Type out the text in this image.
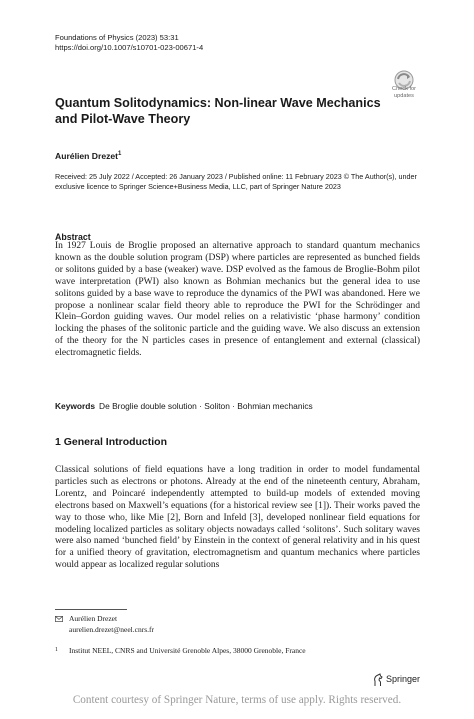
Foundations of Physics (2023) 53:31
https://doi.org/10.1007/s10701-023-00671-4
Check for
updates
Quantum Solitodynamics: Non-linear Wave Mechanics and Pilot-Wave Theory
Aurélien Drezet$^1$
Received: 25 July 2022 / Accepted: 26 January 2023 / Published online: 11 February 2023 © The Author(s), under exclusive licence to Springer Science+Business Media, LLC, part of Springer Nature 2023
Abstract
In 1927 Louis de Broglie proposed an alternative approach to standard quantum mechanics known as the double solution program (DSP) where particles are represented as bunched fields or solitons guided by a base (weaker) wave. DSP evolved as the famous de Broglie-Bohm pilot wave interpretation (PWI) also known as Bohmian mechanics but the general idea to use solitons guided by a base wave to reproduce the dynamics of the PWI was abandoned. Here we propose a nonlinear scalar field theory able to reproduce the PWI for the Schrödinger and Klein–Gordon guiding waves. Our model relies on a relativistic ‘phase harmony’ condition locking the phases of the solitonic particle and the guiding wave. We also discuss an extension of the theory for the N particles cases in presence of entanglement and external (classical) electromagnetic fields.
Keywords De Broglie double solution · Soliton · Bohmian mechanics
1 General Introduction
Classical solutions of field equations have a long tradition in order to model fundamental particles such as electrons or photons. Already at the end of the nineteenth century, Abraham, Lorentz, and Poincaré independently attempted to build-up models of extended moving electrons based on Maxwell’s equations (for a historical review see [1]). Their works paved the way to those who, like Mie [2], Born and Infeld [3], developed nonlinear field equations for modeling localized particles as solitary objects nowadays called ‘solitons’. Such solitary waves were also named ‘bunched field’ by Einstein in the context of general relativity and in his quest for a unified theory of gravitation, electromagnetism and quantum mechanics where particles would appear as localized regular solutions
Aurélien Drezet
aurelien.drezet@neel.cnrs.fr
1 Institut NEEL, CNRS and Université Grenoble Alpes, 38000 Grenoble, France
Springer
Content courtesy of Springer Nature, terms of use apply. Rights reserved.
